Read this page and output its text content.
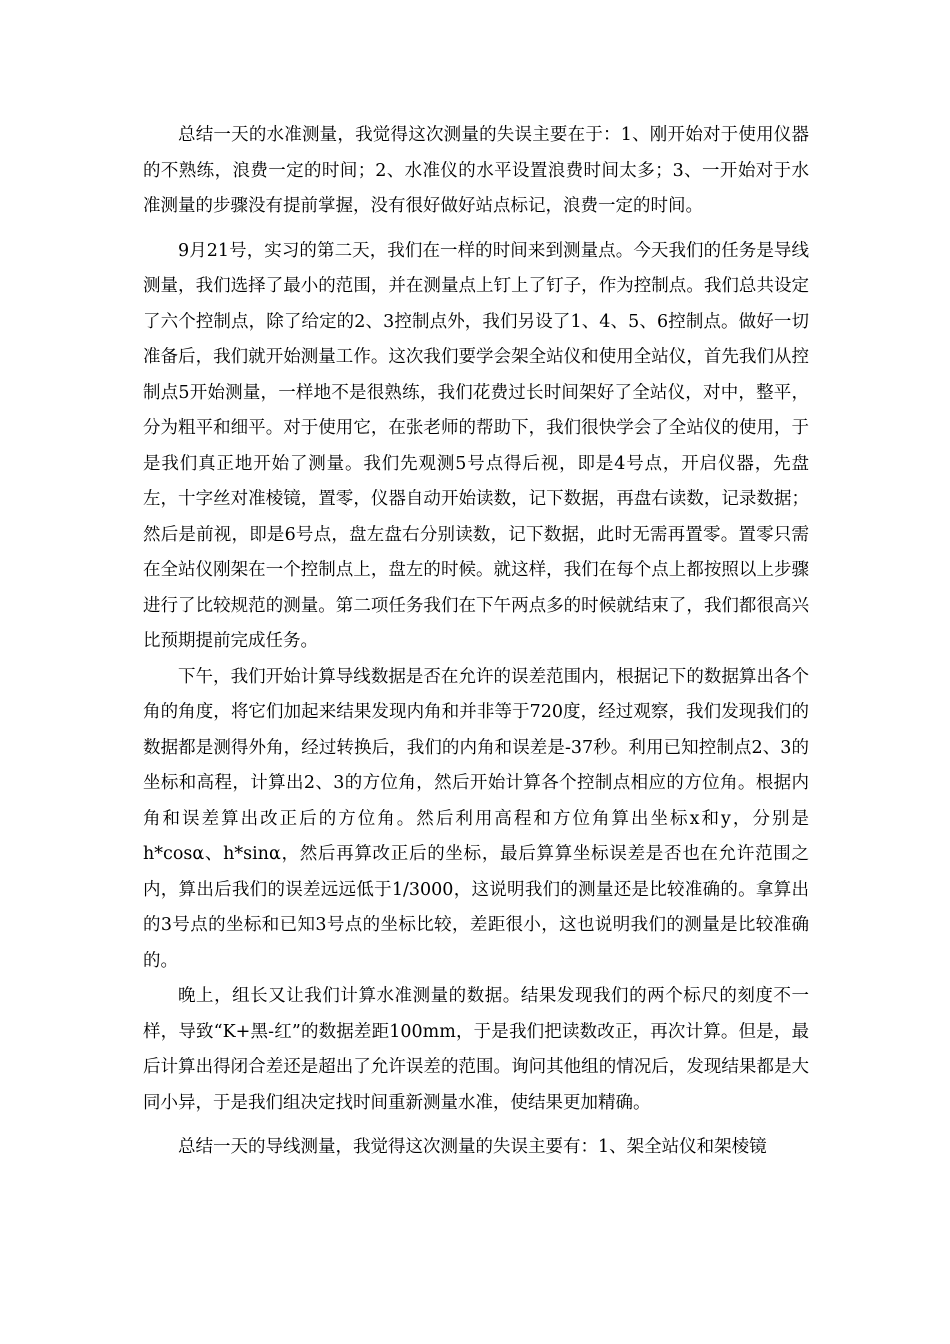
总结一天的水准测量，我觉得这次测量的失误主要在于：1、刚开始对于使用仪器的不熟练，浪费一定的时间；2、水准仪的水平设置浪费时间太多；3、一开始对于水准测量的步骤没有提前掌握，没有很好做好站点标记，浪费一定的时间。

9月21号，实习的第二天，我们在一样的时间来到测量点。今天我们的任务是导线测量，我们选择了最小的范围，并在测量点上钉上了钉子，作为控制点。我们总共设定了六个控制点，除了给定的2、3控制点外，我们另设了1、4、5、6控制点。做好一切准备后，我们就开始测量工作。这次我们要学会架全站仪和使用全站仪，首先我们从控制点5开始测量，一样地不是很熟练，我们花费过长时间架好了全站仪，对中，整平，分为粗平和细平。对于使用它，在张老师的帮助下，我们很快学会了全站仪的使用，于是我们真正地开始了测量。我们先观测5号点得后视，即是4号点，开启仪器，先盘左，十字丝对准棱镜，置零，仪器自动开始读数，记下数据，再盘右读数，记录数据；然后是前视，即是6号点，盘左盘右分别读数，记下数据，此时无需再置零。置零只需在全站仪刚架在一个控制点上，盘左的时候。就这样，我们在每个点上都按照以上步骤进行了比较规范的测量。第二项任务我们在下午两点多的时候就结束了，我们都很高兴比预期提前完成任务。

下午，我们开始计算导线数据是否在允许的误差范围内，根据记下的数据算出各个角的角度，将它们加起来结果发现内角和并非等于720度，经过观察，我们发现我们的数据都是测得外角，经过转换后，我们的内角和误差是-37秒。利用已知控制点2、3的坐标和高程，计算出2、3的方位角，然后开始计算各个控制点相应的方位角。根据内角和误差算出改正后的方位角。然后利用高程和方位角算出坐标x和y，分别是h*cosα、h*sinα，然后再算改正后的坐标，最后算算坐标误差是否也在允许范围之内，算出后我们的误差远远低于1/3000，这说明我们的测量还是比较准确的。拿算出的3号点的坐标和已知3号点的坐标比较，差距很小，这也说明我们的测量是比较准确的。

晚上，组长又让我们计算水准测量的数据。结果发现我们的两个标尺的刻度不一样，导致“K+黑-红”的数据差距100mm，于是我们把读数改正，再次计算。但是，最后计算出得闭合差还是超出了允许误差的范围。询问其他组的情况后，发现结果都是大同小异，于是我们组决定找时间重新测量水准，使结果更加精确。

总结一天的导线测量，我觉得这次测量的失误主要有：1、架全站仪和架棱镜
